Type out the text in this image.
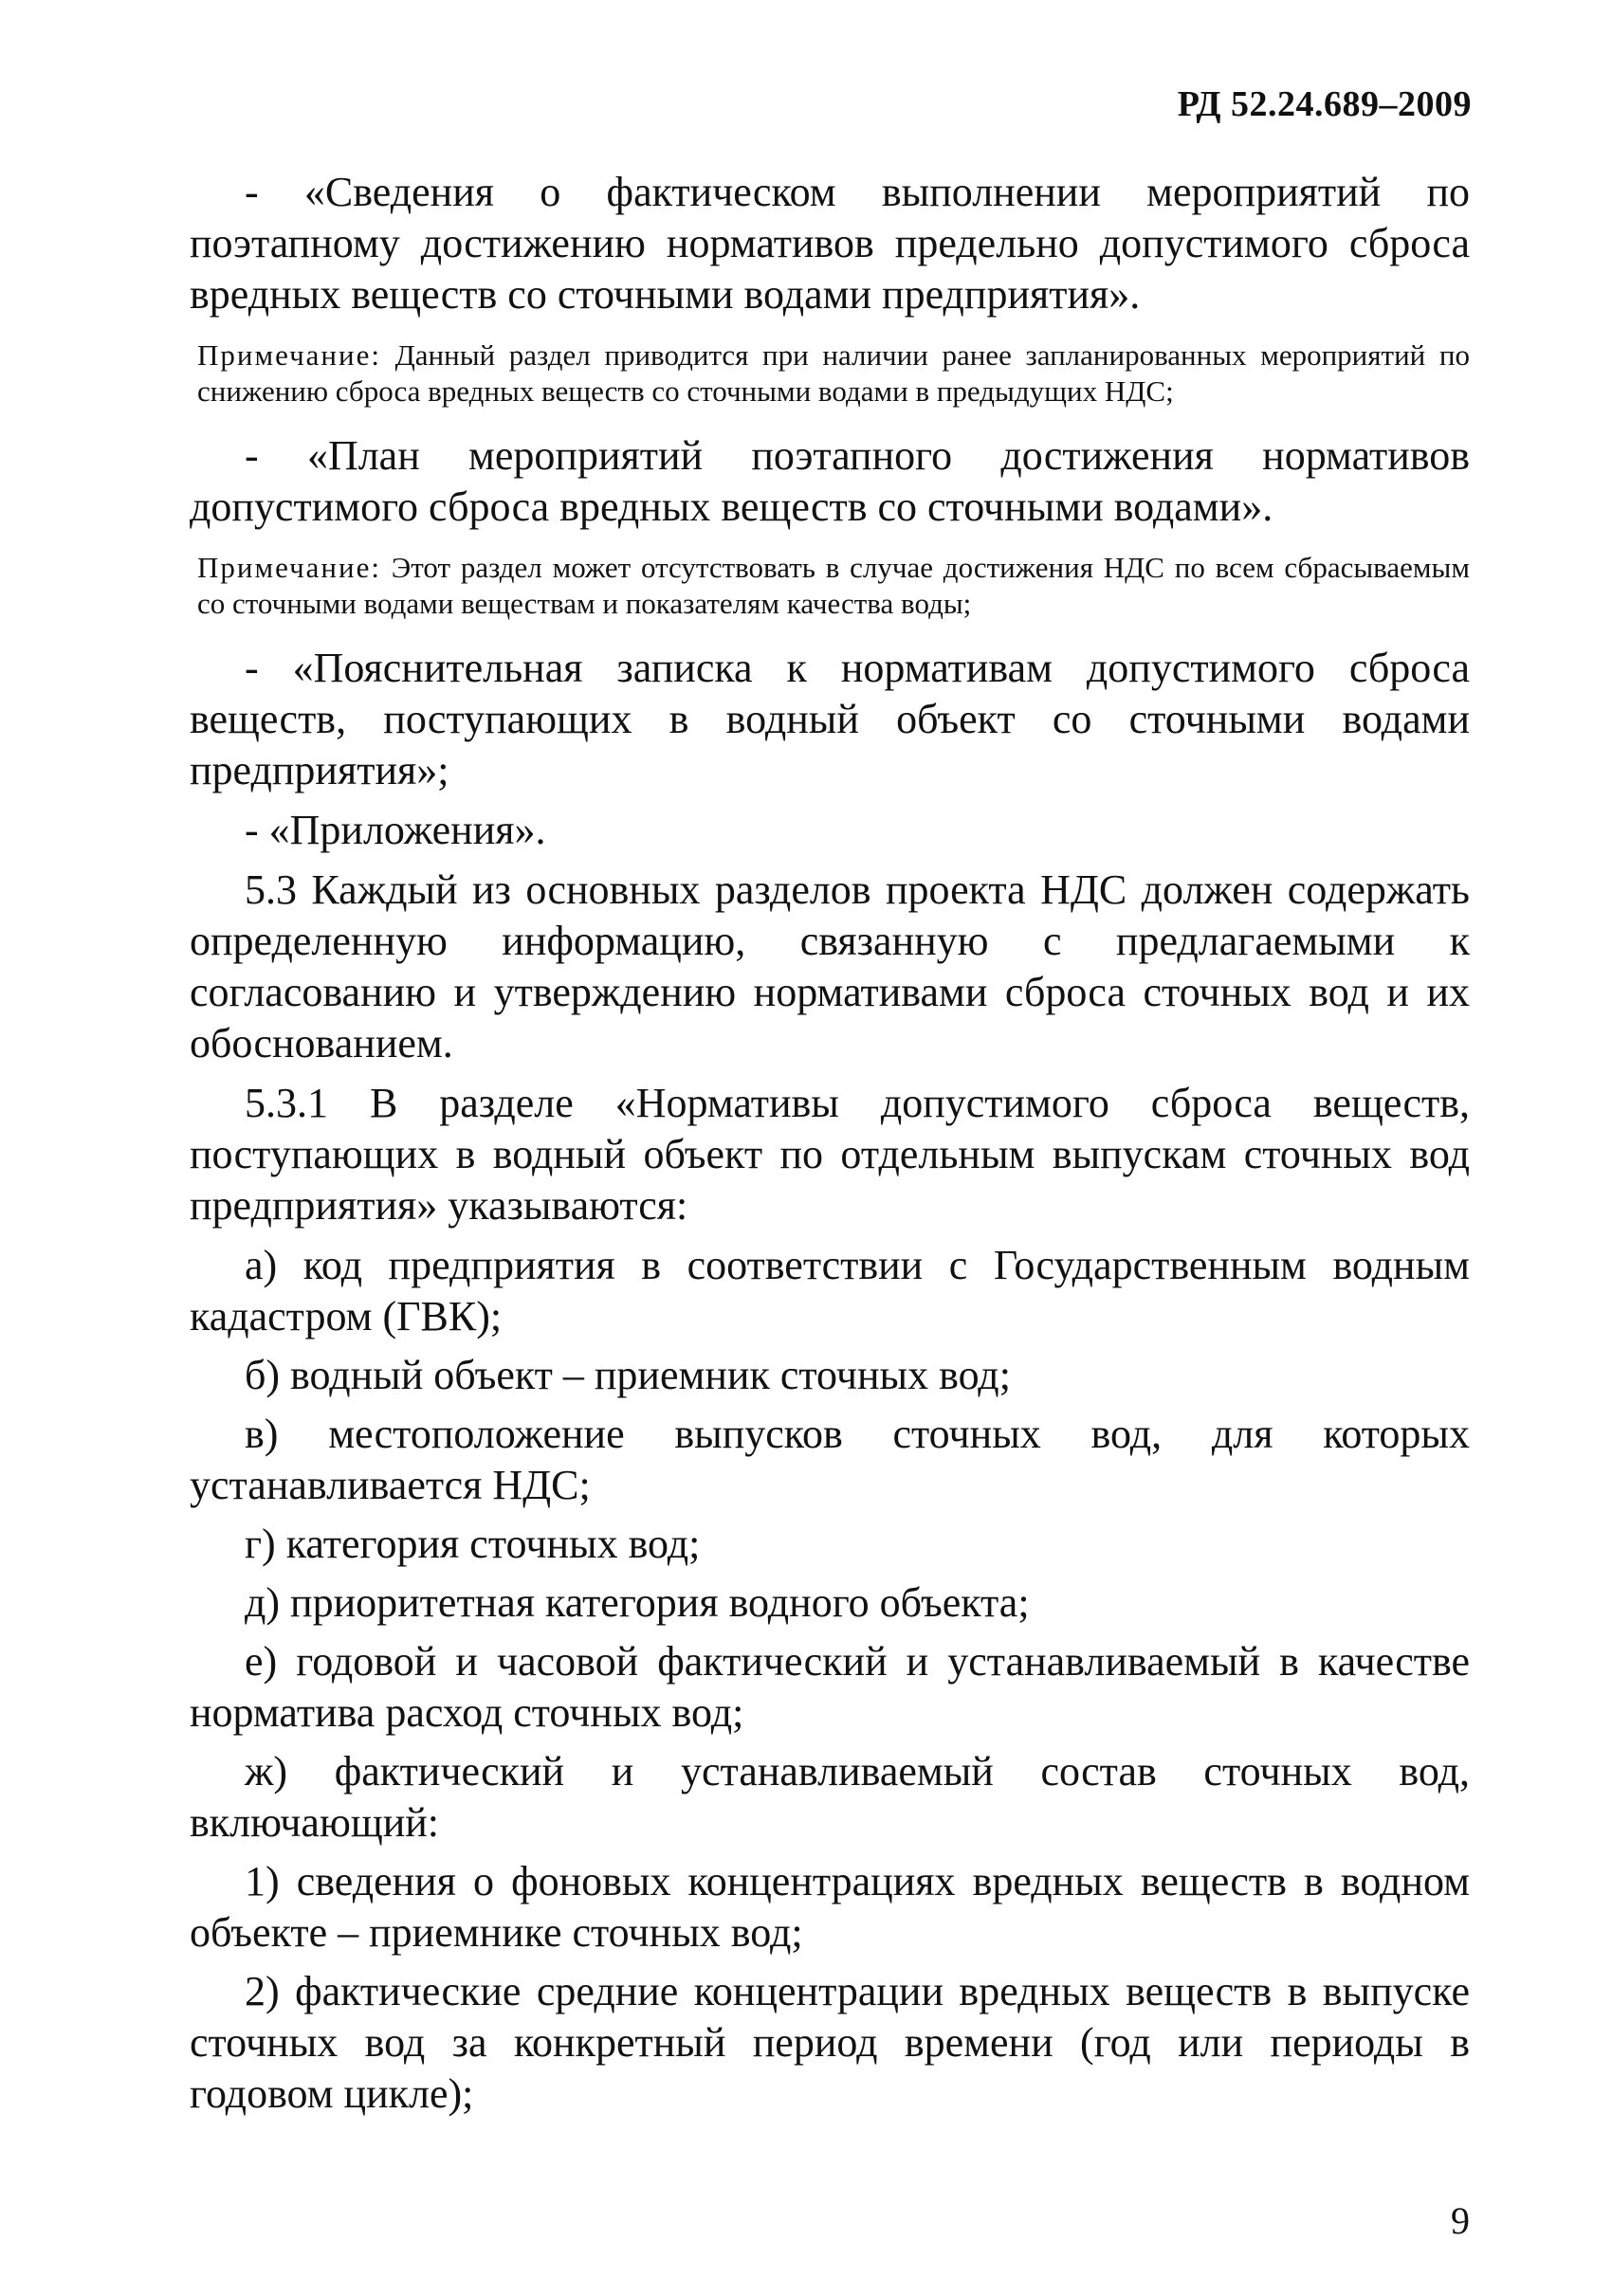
РД 52.24.689–2009

- «Сведения о фактическом выполнении мероприятий по поэтапному достижению нормативов предельно допустимого сброса вредных веществ со сточными водами предприятия».

Примечание: Данный раздел приводится при наличии ранее запланированных мероприятий по снижению сброса вредных веществ со сточными водами в предыдущих НДС;

- «План мероприятий поэтапного достижения нормативов допустимого сброса вредных веществ со сточными водами».

Примечание: Этот раздел может отсутствовать в случае достижения НДС по всем сбрасываемым со сточными водами веществам и показателям качества воды;

- «Пояснительная записка к нормативам допустимого сброса веществ, поступающих в водный объект со сточными водами предприятия»;

- «Приложения».

5.3 Каждый из основных разделов проекта НДС должен содержать определенную информацию, связанную с предлагаемыми к согласованию и утверждению нормативами сброса сточных вод и их обоснованием.

5.3.1 В разделе «Нормативы допустимого сброса веществ, поступающих в водный объект по отдельным выпускам сточных вод предприятия» указываются:

а) код предприятия в соответствии с Государственным водным кадастром (ГВК);

б) водный объект – приемник сточных вод;

в) местоположение выпусков сточных вод, для которых устанавливается НДС;

г) категория сточных вод;

д) приоритетная категория водного объекта;

е) годовой и часовой фактический и устанавливаемый в качестве норматива расход сточных вод;

ж) фактический и устанавливаемый состав сточных вод, включающий:

1) сведения о фоновых концентрациях вредных веществ в водном объекте – приемнике сточных вод;

2) фактические средние концентрации вредных веществ в выпуске сточных вод за конкретный период времени (год или периоды в годовом цикле);

9
